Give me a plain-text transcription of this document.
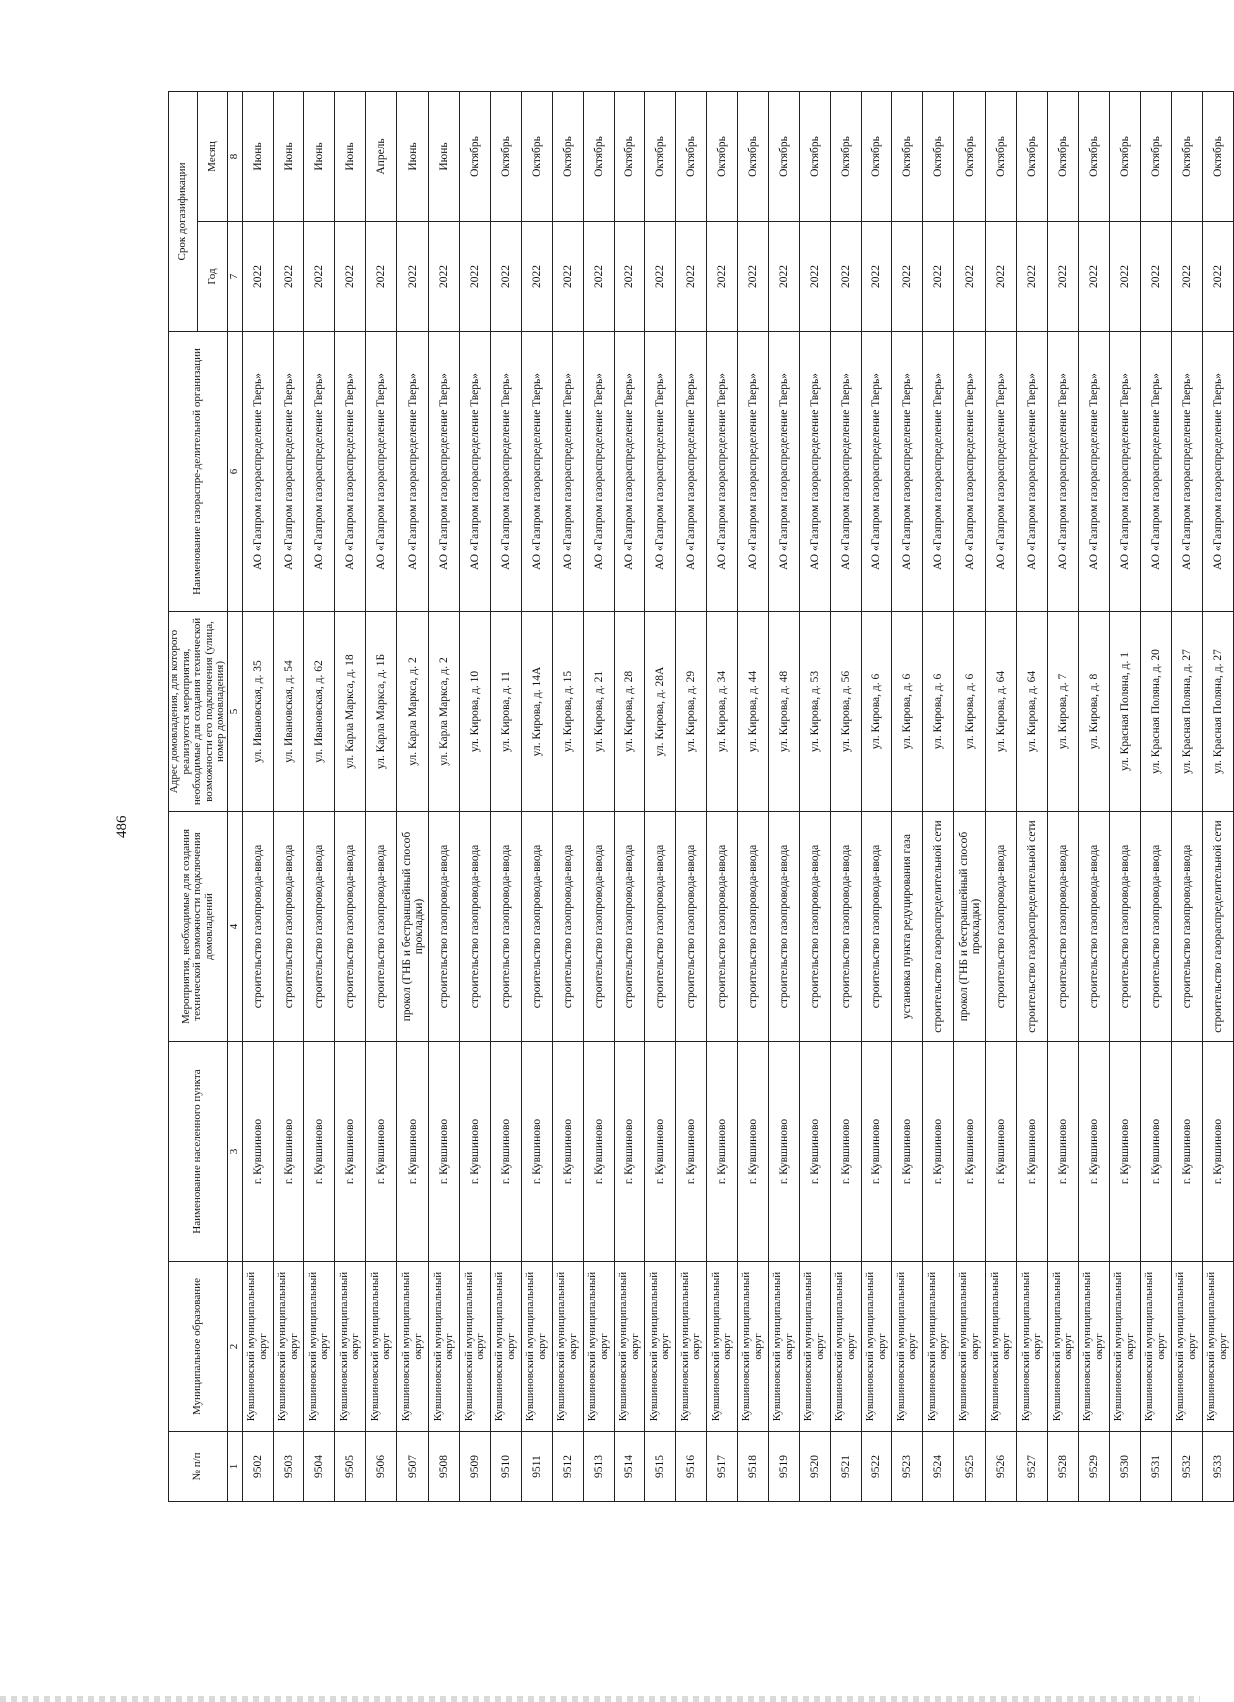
486
№ п/п	Муниципальное образование	Наименование населенного пункта	Мероприятия, необходимые для создания технической возможности подключения домовладений	Адрес домовладения, для которого реализуются мероприятия, необходимые для создания технической возможности его подключения (улица, номер домовладения)	Наименование газораспре-делительной организации	Срок догазификации	
						Год	Месяц
1	2	3	4	5	6	7	8
9502	Кувшиновский муниципальный округ	г. Кувшиново	строительство газопровода-ввода	ул. Ивановская, д. 35	АО «Газпром газораспределение Тверь»	2022	Июнь
9503	Кувшиновский муниципальный округ	г. Кувшиново	строительство газопровода-ввода	ул. Ивановская, д. 54	АО «Газпром газораспределение Тверь»	2022	Июнь
9504	Кувшиновский муниципальный округ	г. Кувшиново	строительство газопровода-ввода	ул. Ивановская, д. 62	АО «Газпром газораспределение Тверь»	2022	Июнь
9505	Кувшиновский муниципальный округ	г. Кувшиново	строительство газопровода-ввода	ул. Карла Маркса, д. 18	АО «Газпром газораспределение Тверь»	2022	Июнь
9506	Кувшиновский муниципальный округ	г. Кувшиново	строительство газопровода-ввода	ул. Карла Маркса, д. 1Б	АО «Газпром газораспределение Тверь»	2022	Апрель
9507	Кувшиновский муниципальный округ	г. Кувшиново	прокол (ГНБ и бестраншейный способ прокладки)	ул. Карла Маркса, д. 2	АО «Газпром газораспределение Тверь»	2022	Июнь
9508	Кувшиновский муниципальный округ	г. Кувшиново	строительство газопровода-ввода	ул. Карла Маркса, д. 2	АО «Газпром газораспределение Тверь»	2022	Июнь
9509	Кувшиновский муниципальный округ	г. Кувшиново	строительство газопровода-ввода	ул. Кирова, д. 10	АО «Газпром газораспределение Тверь»	2022	Октябрь
9510	Кувшиновский муниципальный округ	г. Кувшиново	строительство газопровода-ввода	ул. Кирова, д. 11	АО «Газпром газораспределение Тверь»	2022	Октябрь
9511	Кувшиновский муниципальный округ	г. Кувшиново	строительство газопровода-ввода	ул. Кирова, д. 14А	АО «Газпром газораспределение Тверь»	2022	Октябрь
9512	Кувшиновский муниципальный округ	г. Кувшиново	строительство газопровода-ввода	ул. Кирова, д. 15	АО «Газпром газораспределение Тверь»	2022	Октябрь
9513	Кувшиновский муниципальный округ	г. Кувшиново	строительство газопровода-ввода	ул. Кирова, д. 21	АО «Газпром газораспределение Тверь»	2022	Октябрь
9514	Кувшиновский муниципальный округ	г. Кувшиново	строительство газопровода-ввода	ул. Кирова, д. 28	АО «Газпром газораспределение Тверь»	2022	Октябрь
9515	Кувшиновский муниципальный округ	г. Кувшиново	строительство газопровода-ввода	ул. Кирова, д. 28А	АО «Газпром газораспределение Тверь»	2022	Октябрь
9516	Кувшиновский муниципальный округ	г. Кувшиново	строительство газопровода-ввода	ул. Кирова, д. 29	АО «Газпром газораспределение Тверь»	2022	Октябрь
9517	Кувшиновский муниципальный округ	г. Кувшиново	строительство газопровода-ввода	ул. Кирова, д. 34	АО «Газпром газораспределение Тверь»	2022	Октябрь
9518	Кувшиновский муниципальный округ	г. Кувшиново	строительство газопровода-ввода	ул. Кирова, д. 44	АО «Газпром газораспределение Тверь»	2022	Октябрь
9519	Кувшиновский муниципальный округ	г. Кувшиново	строительство газопровода-ввода	ул. Кирова, д. 48	АО «Газпром газораспределение Тверь»	2022	Октябрь
9520	Кувшиновский муниципальный округ	г. Кувшиново	строительство газопровода-ввода	ул. Кирова, д. 53	АО «Газпром газораспределение Тверь»	2022	Октябрь
9521	Кувшиновский муниципальный округ	г. Кувшиново	строительство газопровода-ввода	ул. Кирова, д. 56	АО «Газпром газораспределение Тверь»	2022	Октябрь
9522	Кувшиновский муниципальный округ	г. Кувшиново	строительство газопровода-ввода	ул. Кирова, д. 6	АО «Газпром газораспределение Тверь»	2022	Октябрь
9523	Кувшиновский муниципальный округ	г. Кувшиново	установка пункта редуцирования газа	ул. Кирова, д. 6	АО «Газпром газораспределение Тверь»	2022	Октябрь
9524	Кувшиновский муниципальный округ	г. Кувшиново	строительство газораспределительной сети	ул. Кирова, д. 6	АО «Газпром газораспределение Тверь»	2022	Октябрь
9525	Кувшиновский муниципальный округ	г. Кувшиново	прокол (ГНБ и бестраншейный способ прокладки)	ул. Кирова, д. 6	АО «Газпром газораспределение Тверь»	2022	Октябрь
9526	Кувшиновский муниципальный округ	г. Кувшиново	строительство газопровода-ввода	ул. Кирова, д. 64	АО «Газпром газораспределение Тверь»	2022	Октябрь
9527	Кувшиновский муниципальный округ	г. Кувшиново	строительство газораспределительной сети	ул. Кирова, д. 64	АО «Газпром газораспределение Тверь»	2022	Октябрь
9528	Кувшиновский муниципальный округ	г. Кувшиново	строительство газопровода-ввода	ул. Кирова, д. 7	АО «Газпром газораспределение Тверь»	2022	Октябрь
9529	Кувшиновский муниципальный округ	г. Кувшиново	строительство газопровода-ввода	ул. Кирова, д. 8	АО «Газпром газораспределение Тверь»	2022	Октябрь
9530	Кувшиновский муниципальный округ	г. Кувшиново	строительство газопровода-ввода	ул. Красная Поляна, д. 1	АО «Газпром газораспределение Тверь»	2022	Октябрь
9531	Кувшиновский муниципальный округ	г. Кувшиново	строительство газопровода-ввода	ул. Красная Поляна, д. 20	АО «Газпром газораспределение Тверь»	2022	Октябрь
9532	Кувшиновский муниципальный округ	г. Кувшиново	строительство газопровода-ввода	ул. Красная Поляна, д. 27	АО «Газпром газораспределение Тверь»	2022	Октябрь
9533	Кувшиновский муниципальный округ	г. Кувшиново	строительство газораспределительной сети	ул. Красная Поляна, д. 27	АО «Газпром газораспределение Тверь»	2022	Октябрь
